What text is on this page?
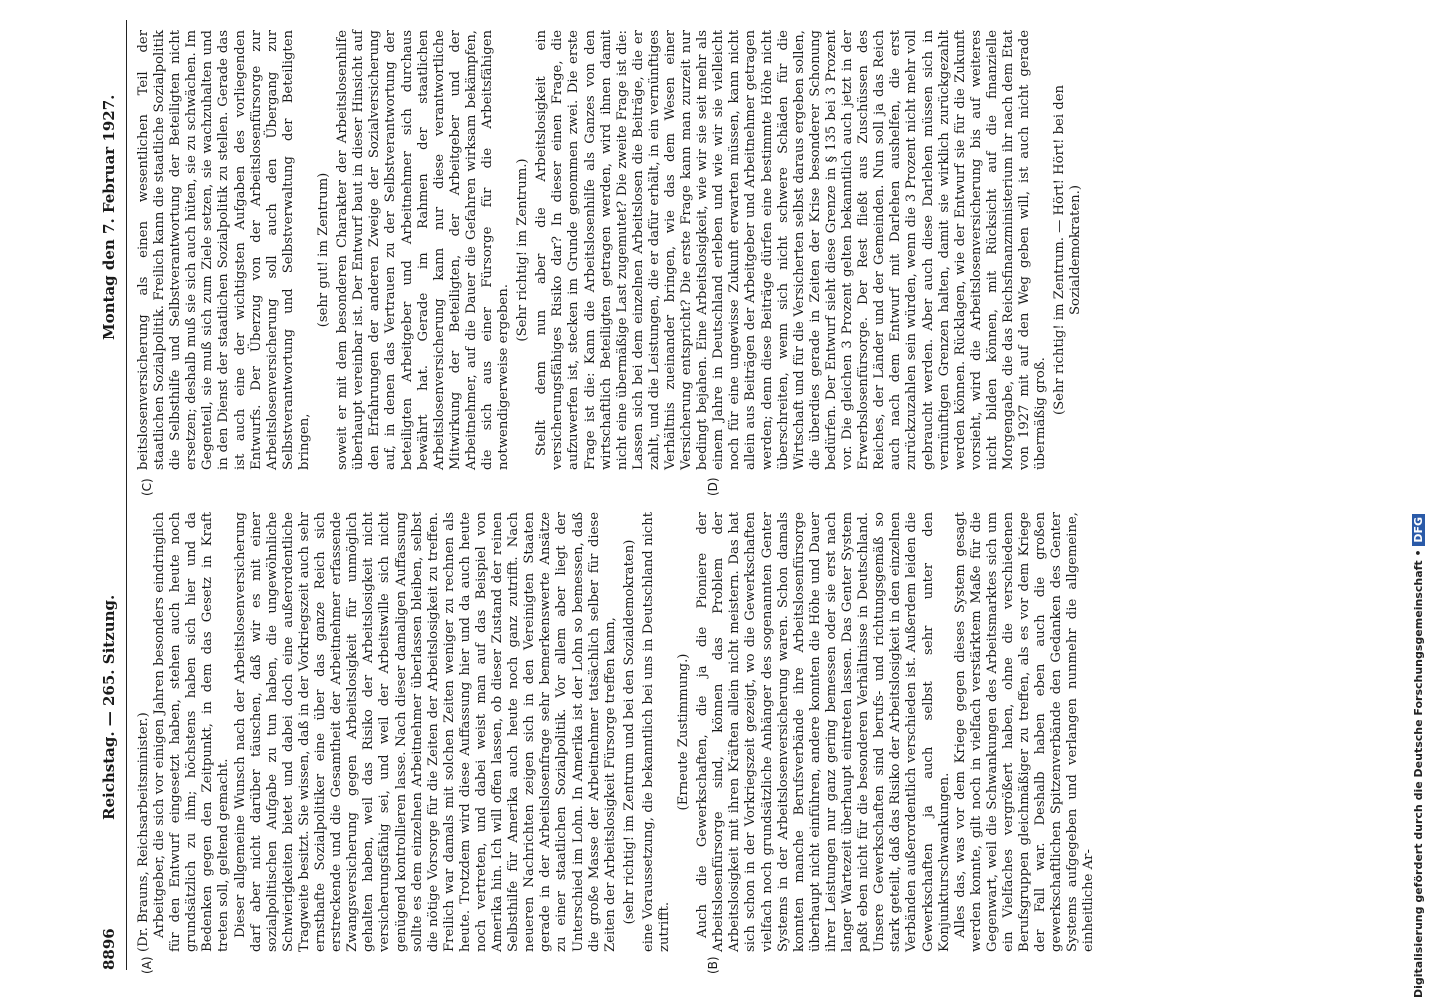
8896
Reichstag. — 265. Sitzung.
Montag den 7. Februar 1927.
(A)	(B)
(C)	(D)

(Dr. Brauns, Reichsarbeitsminister.) Arbeitgeber, die sich vor einigen Jahren besonders eindringlich für den Entwurf eingesetzt haben, stehen auch heute noch grundsätzlich zu ihm; höchstens haben sich hier und da Bedenken gegen den Zeitpunkt, in dem das Gesetz in Kraft treten soll, geltend gemacht. Dieser allgemeine Wunsch nach der Arbeitslosenversicherung darf aber nicht darüber täuschen, daß wir es mit einer sozialpolitischen Aufgabe zu tun haben, die ungewöhnliche Schwierigkeiten bietet und dabei doch eine außerordentliche Tragweite besitzt. Sie wissen, daß in der Vorkriegszeit auch sehr ernsthafte Sozialpolitiker eine über das ganze Reich sich erstreckende und die Gesamtheit der Arbeitnehmer erfassende Zwangsversicherung gegen Arbeitslosigkeit für unmöglich gehalten haben, weil das Risiko der Arbeitslosigkeit nicht versicherungsfähig sei, und weil der Arbeitswille sich nicht genügend kontrollieren lasse. Nach dieser damaligen Auffassung sollte es dem einzelnen Arbeitnehmer überlassen bleiben, selbst die nötige Vorsorge für die Zeiten der Arbeitslosigkeit zu treffen. Freilich war damals mit solchen Zeiten weniger zu rechnen als heute. Trotzdem wird diese Auffassung hier und da auch heute noch vertreten, und dabei weist man auf das Beispiel von Amerika hin. Ich will offen lassen, ob dieser Zustand der reinen Selbsthilfe für Amerika auch heute noch ganz zutrifft. Nach neueren Nachrichten zeigen sich in den Vereinigten Staaten gerade in der Arbeitslosenfrage sehr bemerkenswerte Ansätze zu einer staatlichen Sozialpolitik. Vor allem aber liegt der Unterschied im Lohn. In Amerika ist der Lohn so bemessen, daß die große Masse der Arbeitnehmer tatsächlich selber für diese Zeiten der Arbeitslosigkeit Fürsorge treffen kann, (sehr richtig! im Zentrum und bei den Sozialdemokraten) eine Voraussetzung, die bekanntlich bei uns in Deutschland nicht zutrifft.

(Erneute Zustimmung.) Auch die Gewerkschaften, die ja die Pioniere der Arbeitslosenfürsorge sind, können das Problem der Arbeitslosigkeit mit ihren Kräften allein nicht meistern. Das hat sich schon in der Vorkriegszeit gezeigt, wo die Gewerkschaften vielfach noch grundsätzliche Anhänger des sogenannten Genter Systems in der Arbeitslosenversicherung waren. Schon damals konnten manche Berufsverbände ihre Arbeitslosenfürsorge überhaupt nicht einführen, andere konnten die Höhe und Dauer ihrer Leistungen nur ganz gering bemessen oder sie erst nach langer Wartezeit überhaupt eintreten lassen. Das Genter System paßt eben nicht für die besonderen Verhältnisse in Deutschland. Unsere Gewerkschaften sind berufs- und richtungsgemäß so stark geteilt, daß das Risiko der Arbeitslosigkeit in den einzelnen Verbänden außerordentlich verschieden ist. Außerdem leiden die Gewerkschaften ja auch selbst sehr unter den Konjunkturschwankungen. Alles das, was vor dem Kriege gegen dieses System gesagt werden konnte, gilt noch in vielfach verstärktem Maße für die Gegenwart, weil die Schwankungen des Arbeitsmarktes sich um ein Vielfaches vergrößert haben, ohne die verschiedenen Berufsgruppen gleichmäßiger zu treffen, als es vor dem Kriege der Fall war. Deshalb haben eben auch die großen gewerkschaftlichen Spitzenverbände den Gedanken des Genter Systems aufgegeben und verlangen nunmehr die allgemeine, einheitliche Ar-

beitslosenversicherung als einen wesentlichen Teil der staatlichen Sozialpolitik. Freilich kann die staatliche Sozialpolitik die Selbsthilfe und Selbstverantwortung der Beteiligten nicht ersetzen; deshalb muß sie sich auch hüten, sie zu schwächen. Im Gegenteil, sie muß sich zum Ziele setzen, sie wachzuhalten und in den Dienst der staatlichen Sozialpolitik zu stellen. Gerade das ist auch eine der wichtigsten Aufgaben des vorliegenden Entwurfs. Der Überzug von der Arbeitslosenfürsorge zur Arbeitslosenversicherung soll auch den Übergang zur Selbstverantwortung und Selbstverwaltung der Beteiligten bringen,

(sehr gut! im Zentrum) soweit er mit dem besonderen Charakter der Arbeitslosenhilfe überhaupt vereinbar ist. Der Entwurf baut in dieser Hinsicht auf den Erfahrungen der anderen Zweige der Sozialversicherung auf, in denen das Vertrauen zu der Selbstverantwortung der beteiligten Arbeitgeber und Arbeitnehmer sich durchaus bewährt hat. Gerade im Rahmen der staatlichen Arbeitslosenversicherung kann nur diese verantwortliche Mitwirkung der Beteiligten, der Arbeitgeber und der Arbeitnehmer, auf die Dauer die Gefahren wirksam bekämpfen, die sich aus einer Fürsorge für die Arbeitsfähigen notwendigerweise ergeben.

(Sehr richtig! im Zentrum.) Stellt denn nun aber die Arbeitslosigkeit ein versicherungsfähiges Risiko dar? In dieser einen Frage, die aufzuwerfen ist, stecken im Grunde genommen zwei. Die erste Frage ist die: Kann die Arbeitslosenhilfe als Ganzes von den wirtschaftlich Beteiligten getragen werden, wird ihnen damit nicht eine übermäßige Last zugemutet? Die zweite Frage ist die: Lassen sich bei dem einzelnen Arbeitslosen die Beiträge, die er zahlt, und die Leistungen, die er dafür erhält, in ein vernünftiges Verhältnis zueinander bringen, wie das dem Wesen einer Versicherung entspricht? Die erste Frage kann man zurzeit nur bedingt bejahen. Eine Arbeitslosigkeit, wie wir sie seit mehr als einem Jahre in Deutschland erleben und wie wir sie vielleicht noch für eine ungewisse Zukunft erwarten müssen, kann nicht allein aus Beiträgen der Arbeitgeber und Arbeitnehmer getragen werden; denn diese Beiträge dürfen eine bestimmte Höhe nicht überschreiten, wenn sich nicht schwere Schäden für die Wirtschaft und für die Versicherten selbst daraus ergeben sollen, die überdies gerade in Zeiten der Krise besonderer Schonung bedürfen. Der Entwurf sieht diese Grenze in § 135 bei 3 Prozent vor. Die gleichen 3 Prozent gelten bekanntlich auch jetzt in der Erwerbslosenfürsorge. Der Rest fließt aus Zuschüssen des Reiches, der Länder und der Gemeinden. Nun soll ja das Reich auch nach dem Entwurf mit Darlehen aushelfen, die erst zurückzuzahlen sein würden, wenn die 3 Prozent nicht mehr voll gebraucht werden. Aber auch diese Darlehen müssen sich in vernünftigen Grenzen halten, damit sie wirklich zurückgezahlt werden können. Rücklagen, wie der Entwurf sie für die Zukunft vorsieht, wird die Arbeitslosenversicherung bis auf weiteres nicht bilden können, mit Rücksicht auf die finanzielle Morgengabe, die das Reichsfinanzministerium ihr nach dem Etat von 1927 mit auf den Weg geben will, ist auch nicht gerade übermäßig groß. (Sehr richtig! im Zentrum. — Hört! Hört! bei den Sozialdemokraten.)

Digitalisierung gefördert durch die Deutsche Forschungsgemeinschaft • DFG
